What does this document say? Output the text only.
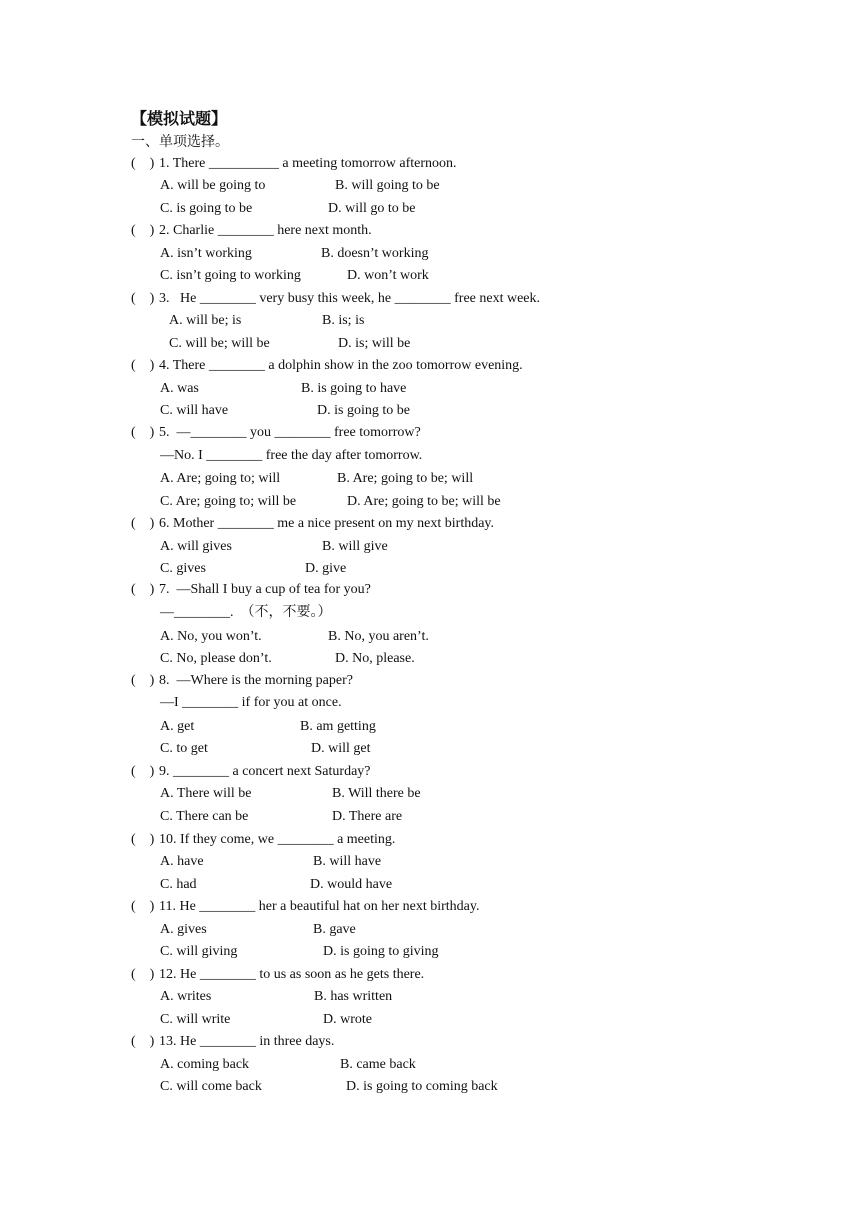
【模拟试题】
一、单项选择。
(    ) 1. There __________ a meeting tomorrow afternoon.
A. will be going to	B. will going to be
C. is going to be	D. will go to be
(    ) 2. Charlie ________ here next month.
A. isn’t working	B. doesn’t working
C. isn’t going to working	D. won’t work
(    ) 3.   He ________ very busy this week, he ________ free next week.
A. will be; is	B. is; is
C. will be; will be	D. is; will be
(    ) 4. There ________ a dolphin show in the zoo tomorrow evening.
A. was	B. is going to have
C. will have	D. is going to be
(    ) 5.  —________ you ________ free tomorrow?
—No. I ________ free the day after tomorrow.
A. Are; going to; will	B. Are; going to be; will
C. Are; going to; will be	D. Are; going to be; will be
(    ) 6. Mother ________ me a nice present on my next birthday.
A. will gives	B. will give
C. gives	D. give
(    ) 7.  —Shall I buy a cup of tea for you?
—________.  （不，不要。）
A. No, you won’t.	B. No, you aren’t.
C. No, please don’t.	D. No, please.
(    ) 8.  —Where is the morning paper?
—I ________ if for you at once.
A. get	B. am getting
C. to get	D. will get
(    ) 9. ________ a concert next Saturday?
A. There will be	B. Will there be
C. There can be	D. There are
(    ) 10. If they come, we ________ a meeting.
A. have	B. will have
C. had	D. would have
(    ) 11. He ________ her a beautiful hat on her next birthday.
A. gives	B. gave
C. will giving	D. is going to giving
(    ) 12. He ________ to us as soon as he gets there.
A. writes	B. has written
C. will write	D. wrote
(    ) 13. He ________ in three days.
A. coming back	B. came back
C. will come back	D. is going to coming back
